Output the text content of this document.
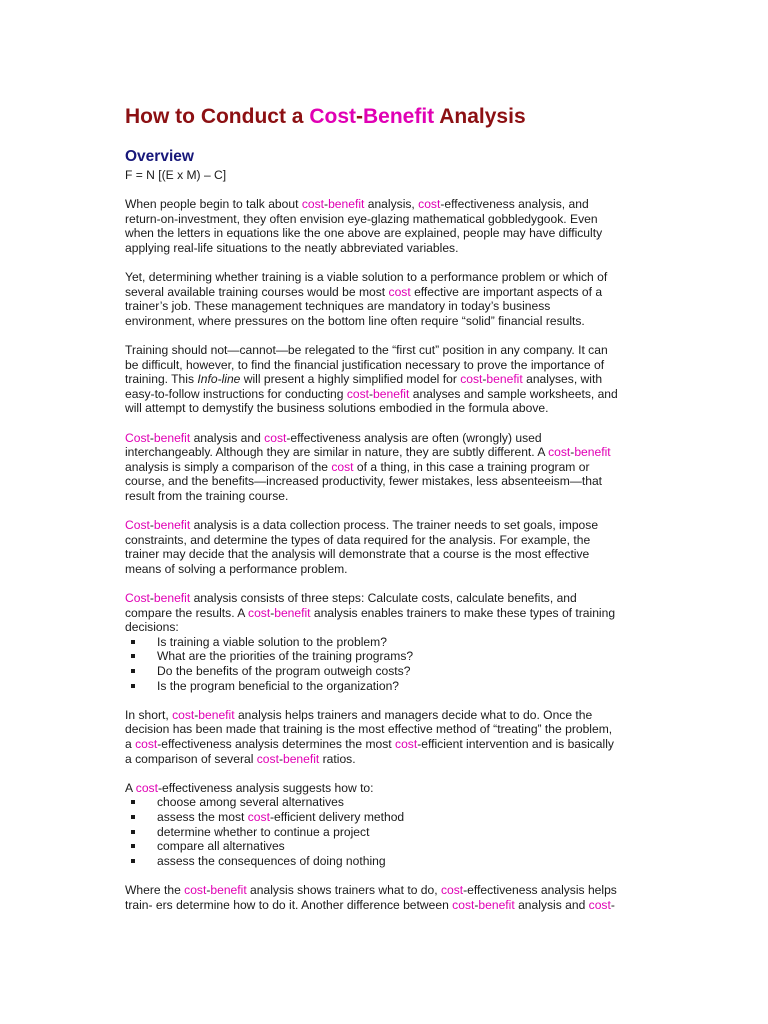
How to Conduct a Cost-Benefit Analysis
Overview
F = N [(E x M) – C]

When people begin to talk about cost-benefit analysis, cost-effectiveness analysis, and
return-on-investment, they often envision eye-glazing mathematical gobbledygook. Even
when the letters in equations like the one above are explained, people may have difficulty
applying real-life situations to the neatly abbreviated variables.

Yet, determining whether training is a viable solution to a performance problem or which of
several available training courses would be most cost effective are important aspects of a
trainer’s job. These management techniques are mandatory in today’s business
environment, where pressures on the bottom line often require “solid” financial results.

Training should not—cannot—be relegated to the “first cut” position in any company. It can
be difficult, however, to find the financial justification necessary to prove the importance of
training. This Info-line will present a highly simplified model for cost-benefit analyses, with
easy-to-follow instructions for conducting cost-benefit analyses and sample worksheets, and
will attempt to demystify the business solutions embodied in the formula above.

Cost-benefit analysis and cost-effectiveness analysis are often (wrongly) used
interchangeably. Although they are similar in nature, they are subtly different. A cost-benefit
analysis is simply a comparison of the cost of a thing, in this case a training program or
course, and the benefits—increased productivity, fewer mistakes, less absenteeism—that
result from the training course.

Cost-benefit analysis is a data collection process. The trainer needs to set goals, impose
constraints, and determine the types of data required for the analysis. For example, the
trainer may decide that the analysis will demonstrate that a course is the most effective
means of solving a performance problem.

Cost-benefit analysis consists of three steps: Calculate costs, calculate benefits, and
compare the results. A cost-benefit analysis enables trainers to make these types of training
decisions:

Is training a viable solution to the problem?
What are the priorities of the training programs?
Do the benefits of the program outweigh costs?
Is the program beneficial to the organization?

In short, cost-benefit analysis helps trainers and managers decide what to do. Once the
decision has been made that training is the most effective method of “treating” the problem,
a cost-effectiveness analysis determines the most cost-efficient intervention and is basically
a comparison of several cost-benefit ratios.

A cost-effectiveness analysis suggests how to:

choose among several alternatives
assess the most cost-efficient delivery method
determine whether to continue a project
compare all alternatives
assess the consequences of doing nothing

Where the cost-benefit analysis shows trainers what to do, cost-effectiveness analysis helps
train- ers determine how to do it. Another difference between cost-benefit analysis and cost-
